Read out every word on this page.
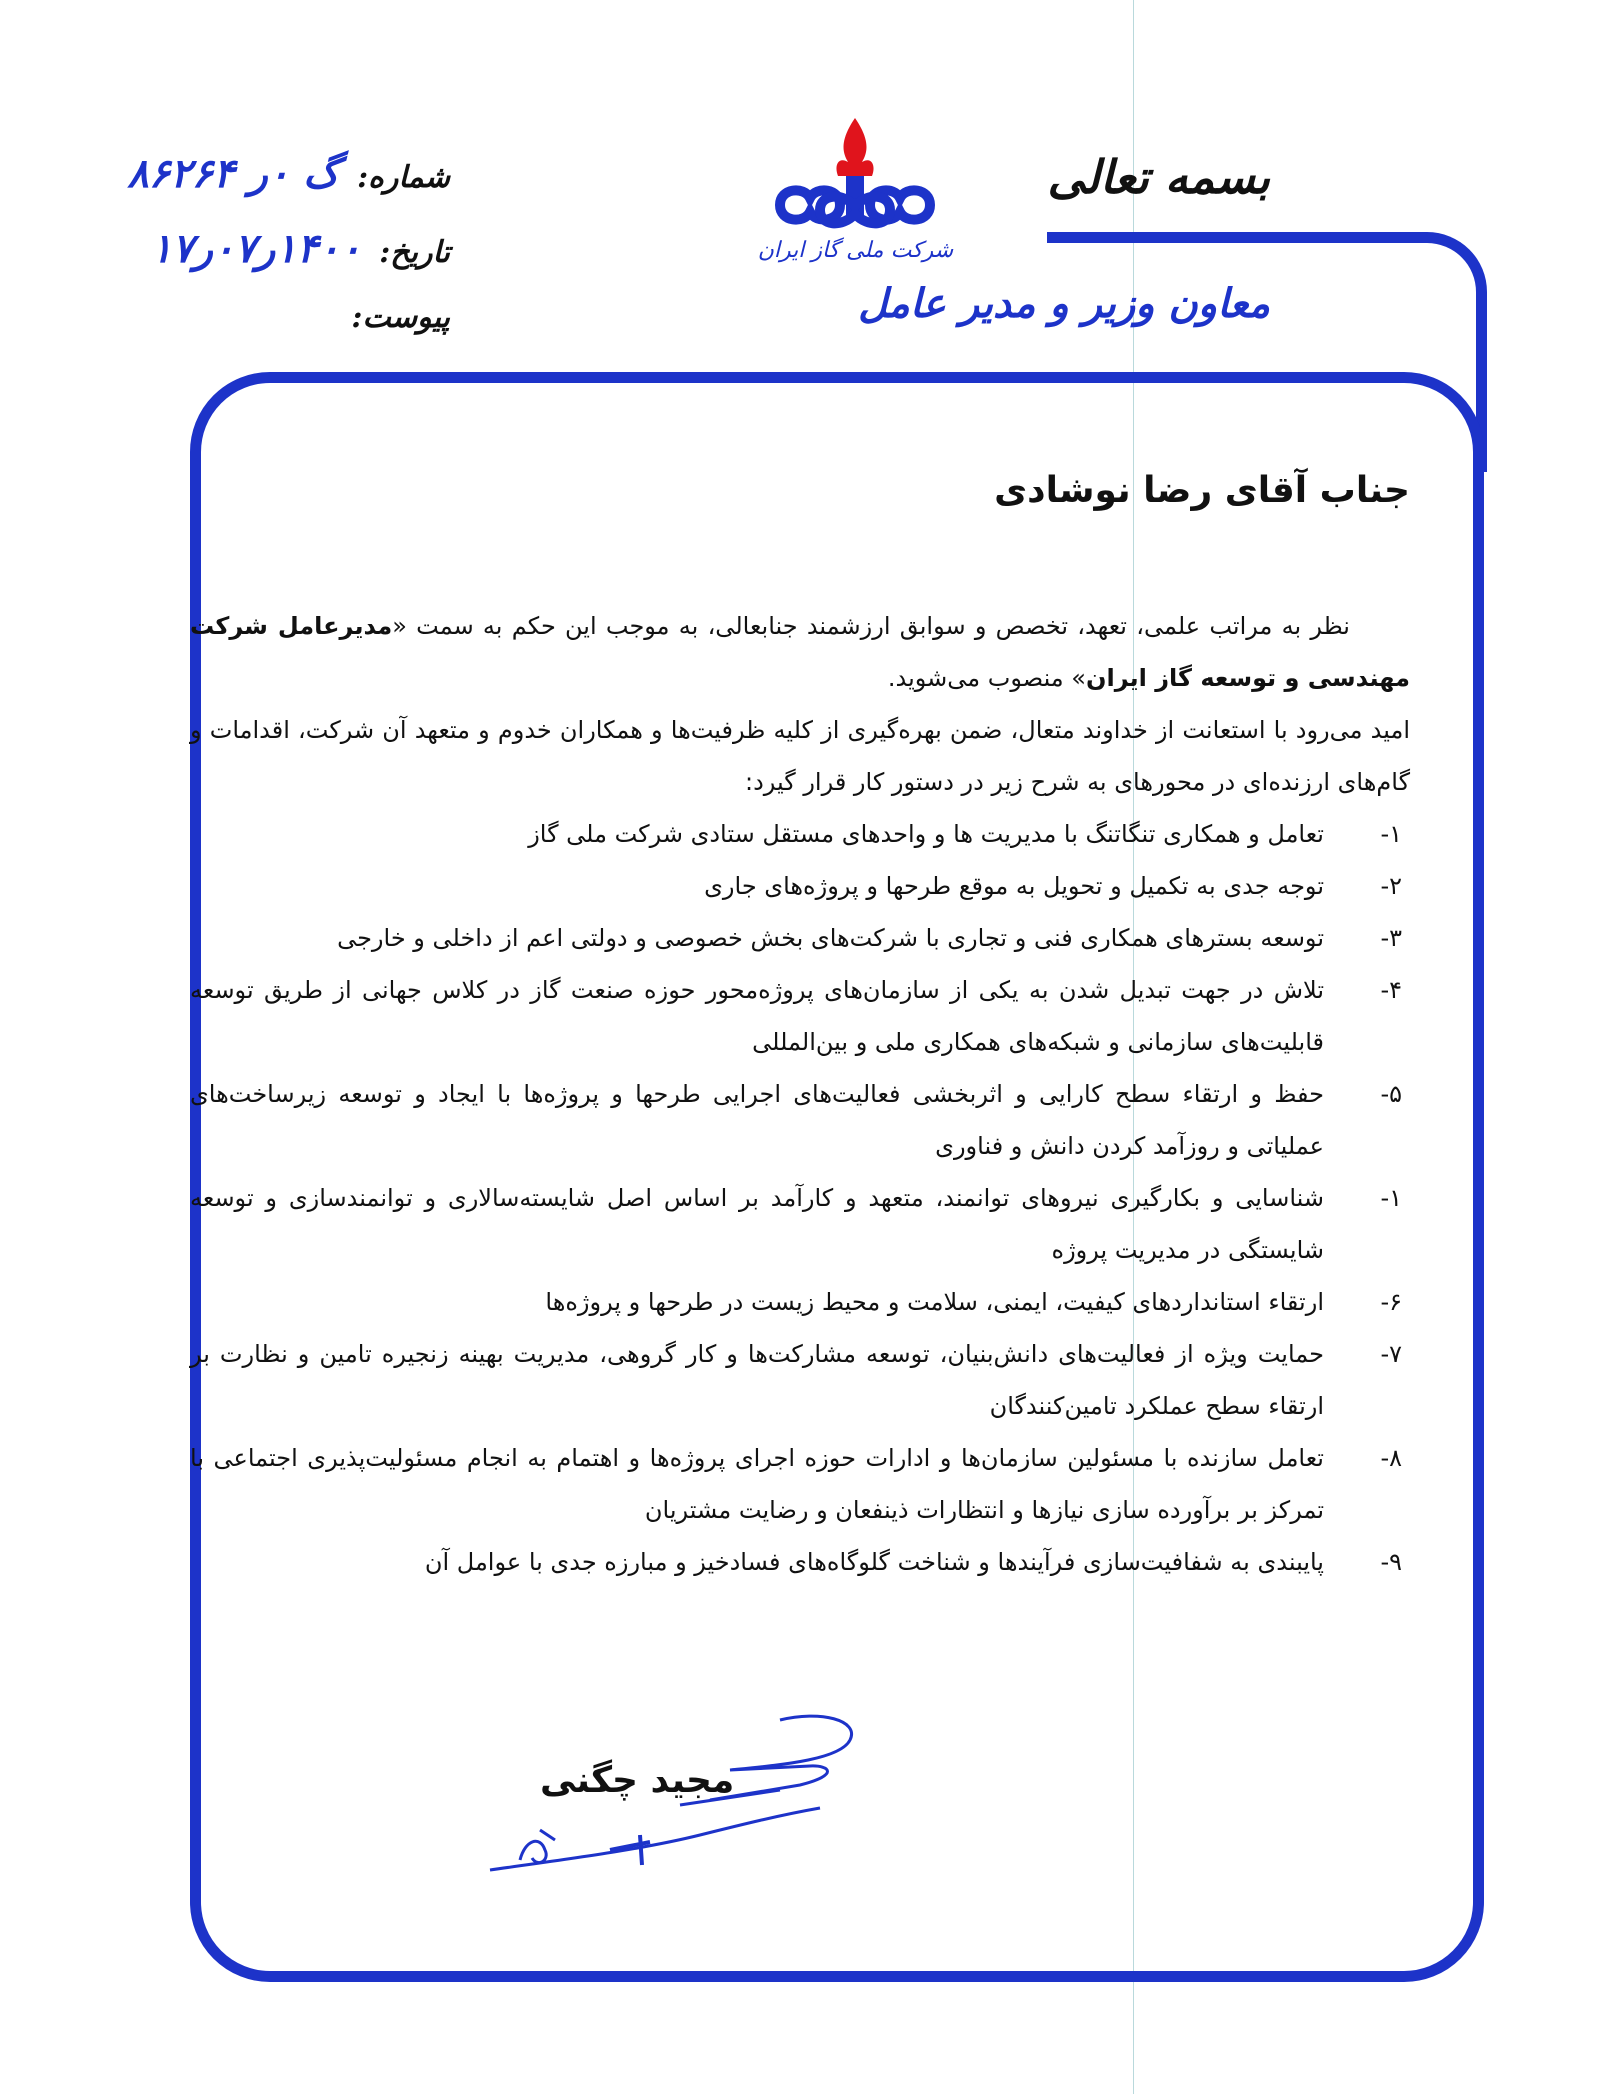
بسمه تعالی
معاون وزیر و مدیر عامل
شرکت ملی گاز ایران
شماره:گ‌ ۰ر ۸۶۲۶۴
تاریخ:۱۴۰۰ر۰۷ر۱۷
پیوست:
جناب آقای رضا نوشادی

نظر به مراتب علمی، تعهد، تخصص و سوابق ارزشمند جنابعالی، به موجب این حکم به سمت «مدیرعامل شرکت مهندسی و توسعه گاز ایران» منصوب می‌شوید.

امید می‌رود با استعانت از خداوند متعال، ضمن بهره‌گیری از کلیه ظرفیت‌ها و همکاران خدوم و متعهد آن شرکت، اقدامات و گام‌های ارزنده‌ای در محورهای به شرح زیر در دستور کار قرار گیرد:

۱-
تعامل و همکاری تنگاتنگ با مدیریت ها و واحدهای مستقل ستادی شرکت ملی گاز
۲-
توجه جدی به تکمیل و تحویل به موقع طرحها و پروژه‌های جاری
۳-
توسعه بسترهای همکاری فنی و تجاری با شرکت‌های بخش خصوصی و دولتی اعم از داخلی و خارجی
۴-
تلاش در جهت تبدیل شدن به یکی از سازمان‌های پروژه‌محور حوزه صنعت گاز در کلاس جهانی از طریق توسعه قابلیت‌های سازمانی و شبکه‌های همکاری ملی و بین‌المللی
۵-
حفظ و ارتقاء سطح کارایی و اثربخشی فعالیت‌های اجرایی طرحها و پروژه‌ها با ایجاد و توسعه زیرساخت‌های عملیاتی و روزآمد کردن دانش و فناوری
۱-
شناسایی و بکارگیری نیروهای توانمند، متعهد و کارآمد بر اساس اصل شایسته‌سالاری و توانمندسازی و توسعه شایستگی در مدیریت پروژه
۶-
ارتقاء استانداردهای کیفیت، ایمنی، سلامت و محیط زیست در طرحها و پروژه‌ها
۷-
حمایت ویژه از فعالیت‌های دانش‌بنیان، توسعه مشارکت‌ها و کار گروهی، مدیریت بهینه زنجیره تامین و نظارت بر ارتقاء سطح عملکرد تامین‌کنندگان
۸-
تعامل سازنده با مسئولین سازمان‌ها و ادارات حوزه اجرای پروژه‌ها و اهتمام به انجام مسئولیت‌پذیری اجتماعی با تمرکز بر برآورده سازی نیازها و انتظارات ذینفعان و رضایت مشتریان
۹-
پایبندی به شفافیت‌سازی فرآیندها و شناخت گلوگاه‌های فسادخیز و مبارزه جدی با عوامل آن
مجید چگنی
